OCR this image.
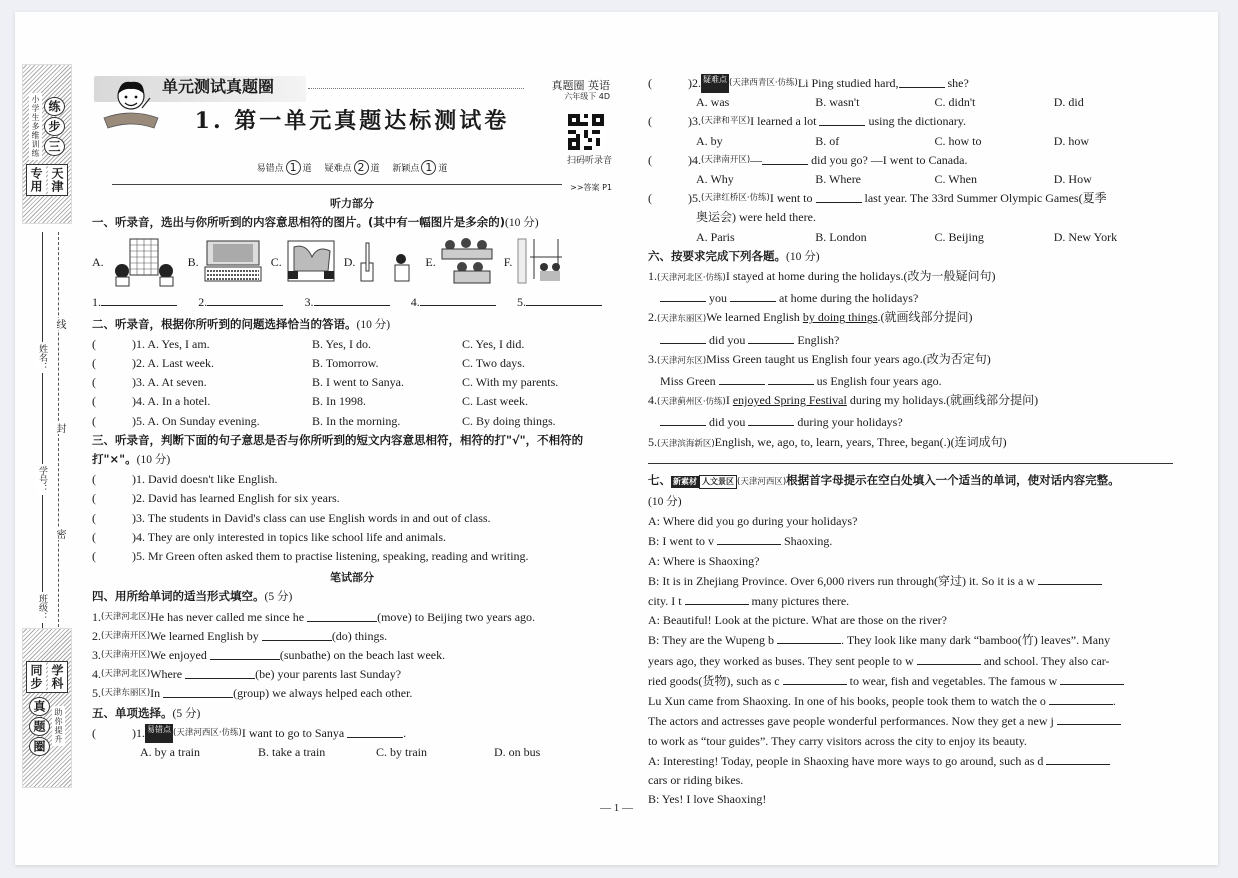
小学生多维训练 练
步
三
专用 天津
姓名：
学号：
班级：
线
封
密
同步 学科
真
题
圈
助你提升
单元测试真题圈	真题圈 英语
六年级下 4D
1. 第一单元真题达标测试卷
扫码听录音
易错点 1 道 疑难点 2 道 新颖点 1 道
>>答案 P1
听力部分
一、听录音，选出与你所听到的内容意思相符的图片。(其中有一幅图片是多余的)(10 分)
A.	B.	C.	D.	E.	F.
1.	2.	3.	4.	5.
二、听录音，根据你所听到的问题选择恰当的答语。(10 分)
(	)1. A. Yes, I am.	B. Yes, I do.	C. Yes, I did.
(	)2. A. Last week.	B. Tomorrow.	C. Two days.
(	)3. A. At seven.	B. I went to Sanya.	C. With my parents.
(	)4. A. In a hotel.	B. In 1998.	C. Last week.
(	)5. A. On Sunday evening.	B. In the morning.	C. By doing things.
三、听录音，判断下面的句子意思是否与你所听到的短文内容意思相符，相符的打"√"，不相符的打"×"。(10 分)
(	)1. David doesn't like English.
(	)2. David has learned English for six years.
(	)3. The students in David's class can use English words in and out of class.
(	)4. They are only interested in topics like school life and animals.
(	)5. Mr Green often asked them to practise listening, speaking, reading and writing.
笔试部分
四、用所给单词的适当形式填空。(5 分)
1. (天津河北区) He has never called me since he
	(move) to Beijing two years ago.
2. (天津南开区) We learned English by
	(do) things.
3. (天津南开区) We enjoyed
	(sunbathe) on the beach last week.
4. (天津河北区) Where
	(be) your parents last Sunday?
5. (天津东丽区) In
	(group) we always helped each other.
五、单项选择。(5 分)
(	)1. 易错点 (天津河西区·仿练) I want to go to Sanya
	.
A. by a train	B. take a train	C. by train	D. on bus
(	)2. 疑难点 (天津西青区·仿练) Li Ping studied hard,
	she?
A. was	B. wasn't	C. didn't	D. did
(	)3. (天津和平区) I learned a lot

	using the dictionary.
A. by	B. of	C. how to	D. how
(	)4. (天津南开区) —
	did you go? —I went to Canada.
A. Why	B. Where	C. When	D. How
(	)5. (天津红桥区·仿练) I went to

	last year. The 33rd Summer Olympic Games(夏季
奥运会) were held there.
A. Paris	B. London	C. Beijing	D. New York
六、按要求完成下列各题。(10 分)
1.(天津河北区·仿练)I stayed at home during the holidays.(改为一般疑问句)
you	at home during the holidays?
2.(天津东丽区)We learned English by doing things.(就画线部分提问)
did you	English?
3.(天津河东区)Miss Green taught us English four years ago.(改为否定句)
Miss Green	us English four years ago.
4.(天津蓟州区·仿练)I enjoyed Spring Festival during my holidays.(就画线部分提问)
did you	during your holidays?
5.(天津滨海新区)English, we, ago, to, learn, years, Three, began(.)(连词成句)
七、 新素材 人文景区 (天津河西区)根据首字母提示在空白处填入一个适当的单词，使对话内容完整。
(10 分)
A: Where did you go during your holidays?
B: I went to v	Shaoxing.
A: Where is Shaoxing?
B: It is in Zhejiang Province. Over 6,000 rivers run through(穿过) it. So it is a w
city. I t	many pictures there.
A: Beautiful! Look at the picture. What are those on the river?
B: They are the Wupeng b	. They look like many dark “bamboo(竹) leaves”. Many
years ago, they worked as buses. They sent people to w	and school. They also car-
ried goods(货物), such as c	to wear, fish and vegetables. The famous w
Lu Xun came from Shaoxing. In one of his books, people took them to watch the o	.
The actors and actresses gave people wonderful performances. Now they get a new j
to work as “tour guides”. They carry visitors across the city to enjoy its beauty.
A: Interesting! Today, people in Shaoxing have more ways to go around, such as d
cars or riding bikes.
B: Yes! I love Shaoxing!
— 1 —
